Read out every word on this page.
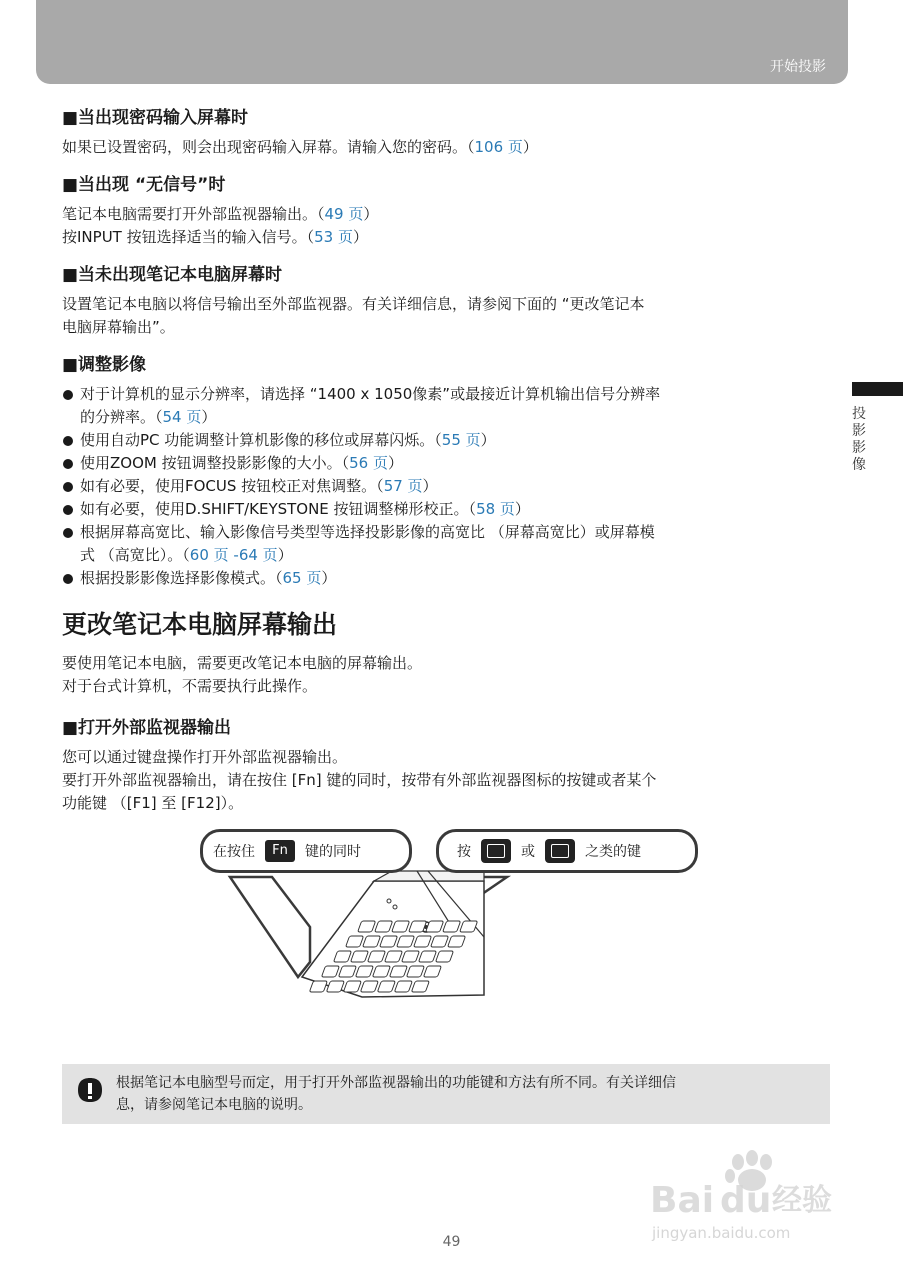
开始投影
投影影像
■当出现密码输入屏幕时

如果已设置密码，则会出现密码输入屏幕。请输入您的密码。（106 页）

■当出现 “无信号”时

笔记本电脑需要打开外部监视器输出。（49 页）

按INPUT 按钮选择适当的输入信号。（53 页）

■当未出现笔记本电脑屏幕时

设置笔记本电脑以将信号输出至外部监视器。有关详细信息，请参阅下面的 “更改笔记本

电脑屏幕输出”。

■调整影像
对于计算机的显示分辨率，请选择 “1400 x 1050像素”或最接近计算机输出信号分辨率
的分辨率。（54 页）
使用自动PC 功能调整计算机影像的移位或屏幕闪烁。（55 页）
使用ZOOM 按钮调整投影影像的大小。（56 页）
如有必要，使用FOCUS 按钮校正对焦调整。（57 页）
如有必要，使用D.SHIFT/KEYSTONE 按钮调整梯形校正。（58 页）
根据屏幕高宽比、输入影像信号类型等选择投影影像的高宽比 （屏幕高宽比）或屏幕模
式 （高宽比）。（60 页 -64 页）
根据投影影像选择影像模式。（65 页）
更改笔记本电脑屏幕输出

要使用笔记本电脑，需要更改笔记本电脑的屏幕输出。

对于台式计算机，不需要执行此操作。

■打开外部监视器输出

您可以通过键盘操作打开外部监视器输出。

要打开外部监视器输出，请在按住 [Fn] 键的同时，按带有外部监视器图标的按键或者某个

功能键 （[F1] 至 [F12]）。

在按住	Fn	键的同时	按	或	之类的键
根据笔记本电脑型号而定，用于打开外部监视器输出的功能键和方法有所不同。有关详细信
息，请参阅笔记本电脑的说明。
49
Bai du 经验
jingyan.baidu.com
